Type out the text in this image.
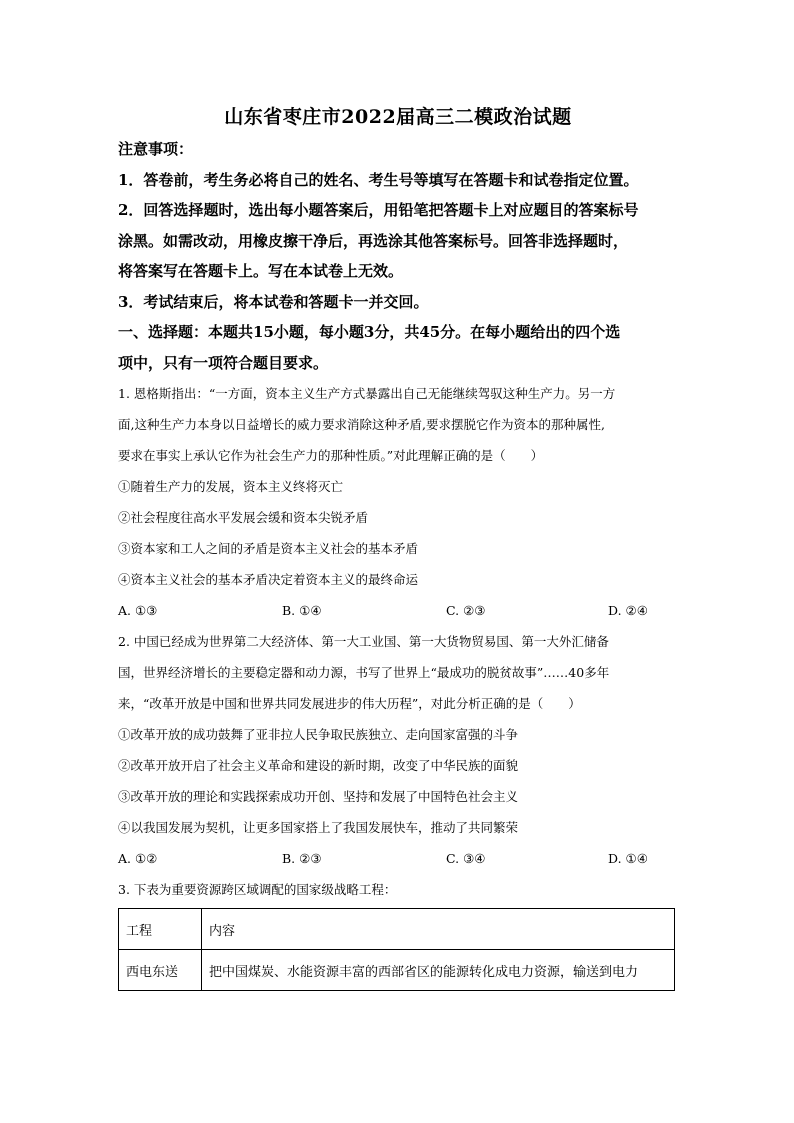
山东省枣庄市2022届高三二模政治试题
注意事项：
1．答卷前，考生务必将自己的姓名、考生号等填写在答题卡和试卷指定位置。
2．回答选择题时，选出每小题答案后，用铅笔把答题卡上对应题目的答案标号
涂黑。如需改动，用橡皮擦干净后，再选涂其他答案标号。回答非选择题时，
将答案写在答题卡上。写在本试卷上无效。
3．考试结束后，将本试卷和答题卡一并交回。
一、选择题：本题共15小题，每小题3分，共45分。在每小题给出的四个选
项中，只有一项符合题目要求。
1. 恩格斯指出：“一方面，资本主义生产方式暴露出自己无能继续驾驭这种生产力。另一方
面,这种生产力本身以日益增长的威力要求消除这种矛盾,要求摆脱它作为资本的那种属性,
要求在事实上承认它作为社会生产力的那种性质。”对此理解正确的是（　　）
①随着生产力的发展，资本主义终将灭亡
②社会程度往高水平发展会缓和资本尖锐矛盾
③资本家和工人之间的矛盾是资本主义社会的基本矛盾
④资本主义社会的基本矛盾决定着资本主义的最终命运
A. ①③	B. ①④	C. ②③	D. ②④
2. 中国已经成为世界第二大经济体、第一大工业国、第一大货物贸易国、第一大外汇储备
国，世界经济增长的主要稳定器和动力源，书写了世界上“最成功的脱贫故事”……40多年
来，“改革开放是中国和世界共同发展进步的伟大历程”，对此分析正确的是（　　）
①改革开放的成功鼓舞了亚非拉人民争取民族独立、走向国家富强的斗争
②改革开放开启了社会主义革命和建设的新时期，改变了中华民族的面貌
③改革开放的理论和实践探索成功开创、坚持和发展了中国特色社会主义
④以我国发展为契机，让更多国家搭上了我国发展快车，推动了共同繁荣
A. ①②	B. ②③	C. ③④	D. ①④
3. 下表为重要资源跨区域调配的国家级战略工程：
工程	内容
西电东送	把中国煤炭、水能资源丰富的西部省区的能源转化成电力资源，输送到电力
